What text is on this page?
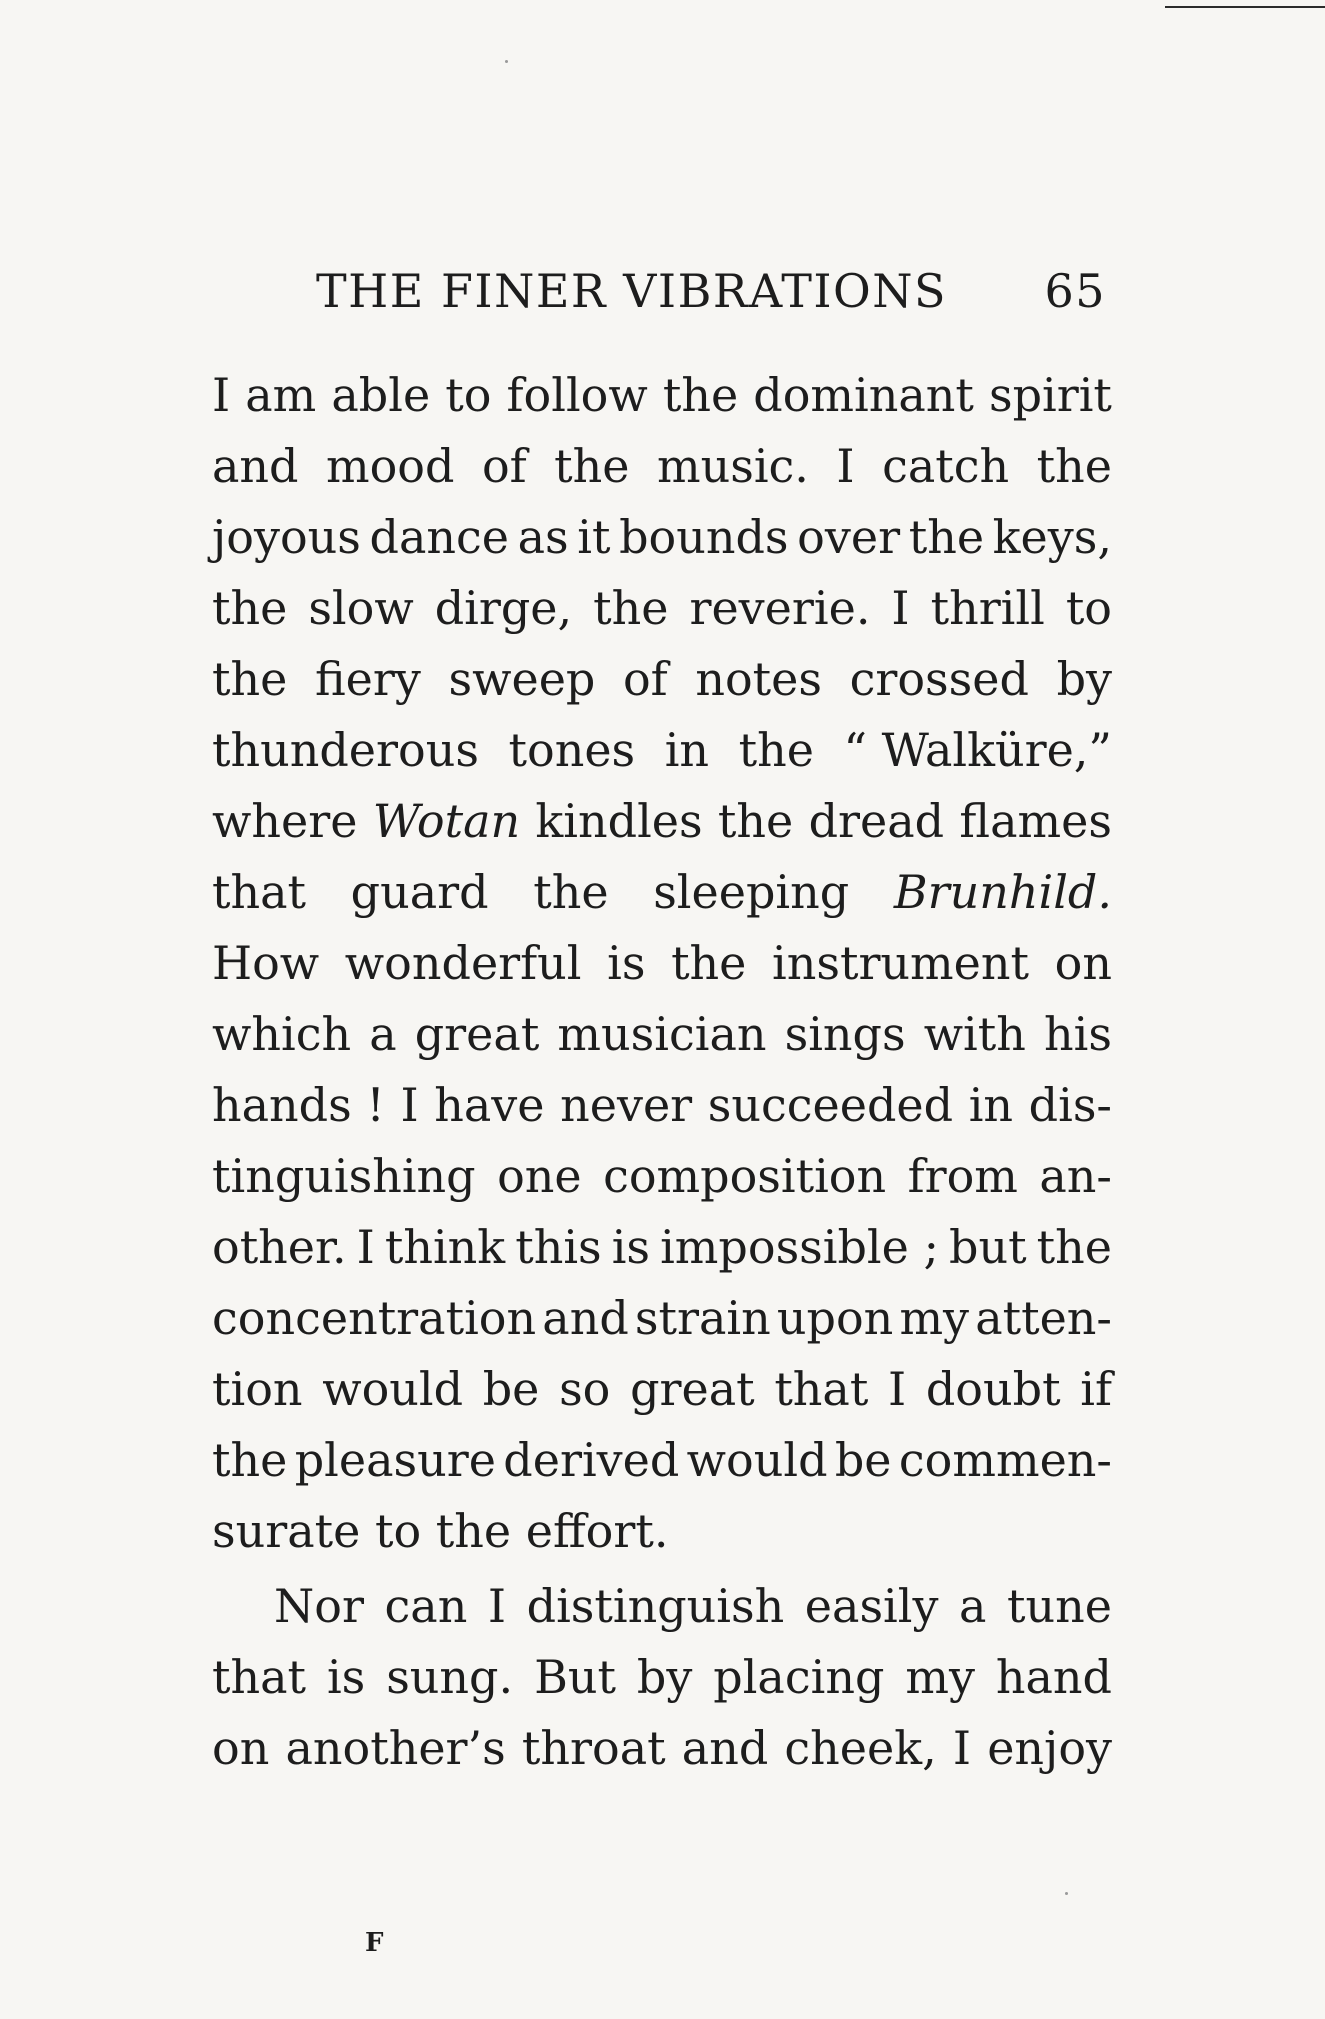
THE FINER VIBRATIONS 65
I am able to follow the dominant spirit
and mood of the music. I catch the
joyous dance as it bounds over the keys,
the slow dirge, the reverie. I thrill to
the fiery sweep of notes crossed by
thunderous tones in the “ Walküre,”
where Wotan kindles the dread flames
that guard the sleeping Brunhild.
How wonderful is the instrument on
which a great musician sings with his
hands ! I have never succeeded in dis-
tinguishing one composition from an-
other. I think this is impossible ; but the
concentration and strain upon my atten-
tion would be so great that I doubt if
the pleasure derived would be commen-
surate
to
the
effort.
Nor can I distinguish easily a tune
that is sung. But by placing my hand
on another’s throat and cheek, I enjoy
F
